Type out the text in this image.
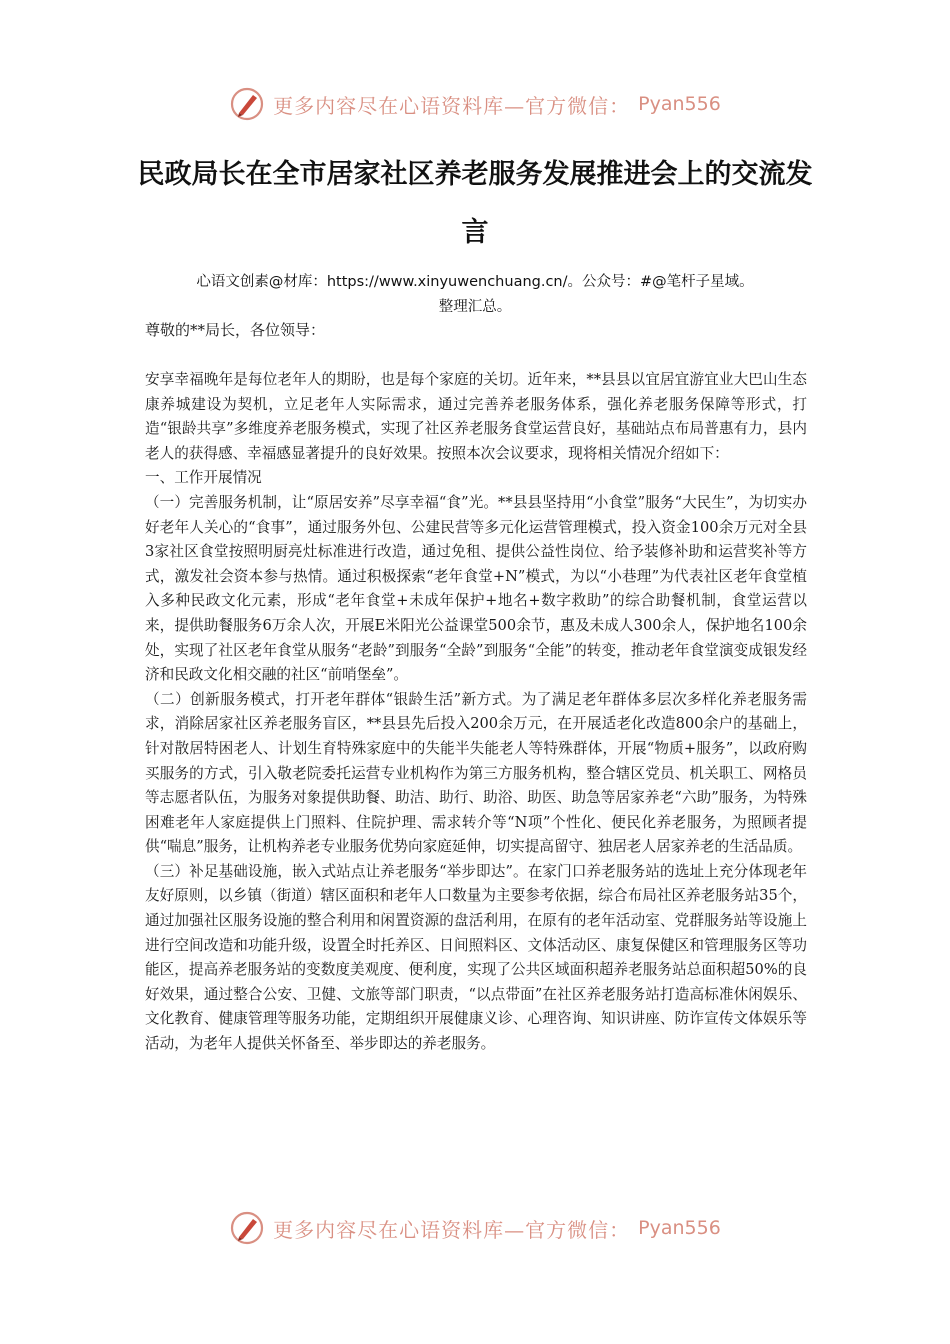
更多内容尽在心语资料库—官方微信： Pyan556
民政局长在全市居家社区养老服务发展推进会上的交流发言
心语文创素@材库：https://www.xinyuwenchuang.cn/。公众号：#@笔杆子星域。
整理汇总。
尊敬的**局长，各位领导：

安享幸福晚年是每位老年人的期盼，也是每个家庭的关切。近年来，**县县以宜居宜游宜业大巴山生态康养城建设为契机，立足老年人实际需求，通过完善养老服务体系，强化养老服务保障等形式，打造“银龄共享”多维度养老服务模式，实现了社区养老服务食堂运营良好，基础站点布局普惠有力，县内老人的获得感、幸福感显著提升的良好效果。按照本次会议要求，现将相关情况介绍如下：

一、工作开展情况

（一）完善服务机制，让“原居安养”尽享幸福“食”光。**县县坚持用“小食堂”服务“大民生”，为切实办好老年人关心的“食事”，通过服务外包、公建民营等多元化运营管理模式，投入资金100余万元对全县3家社区食堂按照明厨亮灶标准进行改造，通过免租、提供公益性岗位、给予装修补助和运营奖补等方式，激发社会资本参与热情。通过积极探索“老年食堂+N”模式，为以“小巷理”为代表社区老年食堂植入多种民政文化元素，形成“老年食堂+未成年保护+地名+数字救助”的综合助餐机制，食堂运营以来，提供助餐服务6万余人次，开展E米阳光公益课堂500余节，惠及未成人300余人，保护地名100余处，实现了社区老年食堂从服务“老龄”到服务“全龄”到服务“全能”的转变，推动老年食堂演变成银发经济和民政文化相交融的社区“前哨堡垒”。

（二）创新服务模式，打开老年群体“银龄生活”新方式。为了满足老年群体多层次多样化养老服务需求，消除居家社区养老服务盲区，**县县先后投入200余万元，在开展适老化改造800余户的基础上，针对散居特困老人、计划生育特殊家庭中的失能半失能老人等特殊群体，开展“物质+服务”，以政府购买服务的方式，引入敬老院委托运营专业机构作为第三方服务机构，整合辖区党员、机关职工、网格员等志愿者队伍，为服务对象提供助餐、助洁、助行、助浴、助医、助急等居家养老“六助”服务，为特殊困难老年人家庭提供上门照料、住院护理、需求转介等“N项”个性化、便民化养老服务，为照顾者提供“喘息”服务，让机构养老专业服务优势向家庭延伸，切实提高留守、独居老人居家养老的生活品质。

（三）补足基础设施，嵌入式站点让养老服务“举步即达”。在家门口养老服务站的选址上充分体现老年友好原则，以乡镇（街道）辖区面积和老年人口数量为主要参考依据，综合布局社区养老服务站35个，通过加强社区服务设施的整合利用和闲置资源的盘活利用，在原有的老年活动室、党群服务站等设施上进行空间改造和功能升级，设置全时托养区、日间照料区、文体活动区、康复保健区和管理服务区等功能区，提高养老服务站的变数度美观度、便利度，实现了公共区域面积超养老服务站总面积超50%的良好效果，通过整合公安、卫健、文旅等部门职责，“以点带面”在社区养老服务站打造高标准休闲娱乐、文化教育、健康管理等服务功能，定期组织开展健康义诊、心理咨询、知识讲座、防诈宣传文体娱乐等活动，为老年人提供关怀备至、举步即达的养老服务。

更多内容尽在心语资料库—官方微信： Pyan556
